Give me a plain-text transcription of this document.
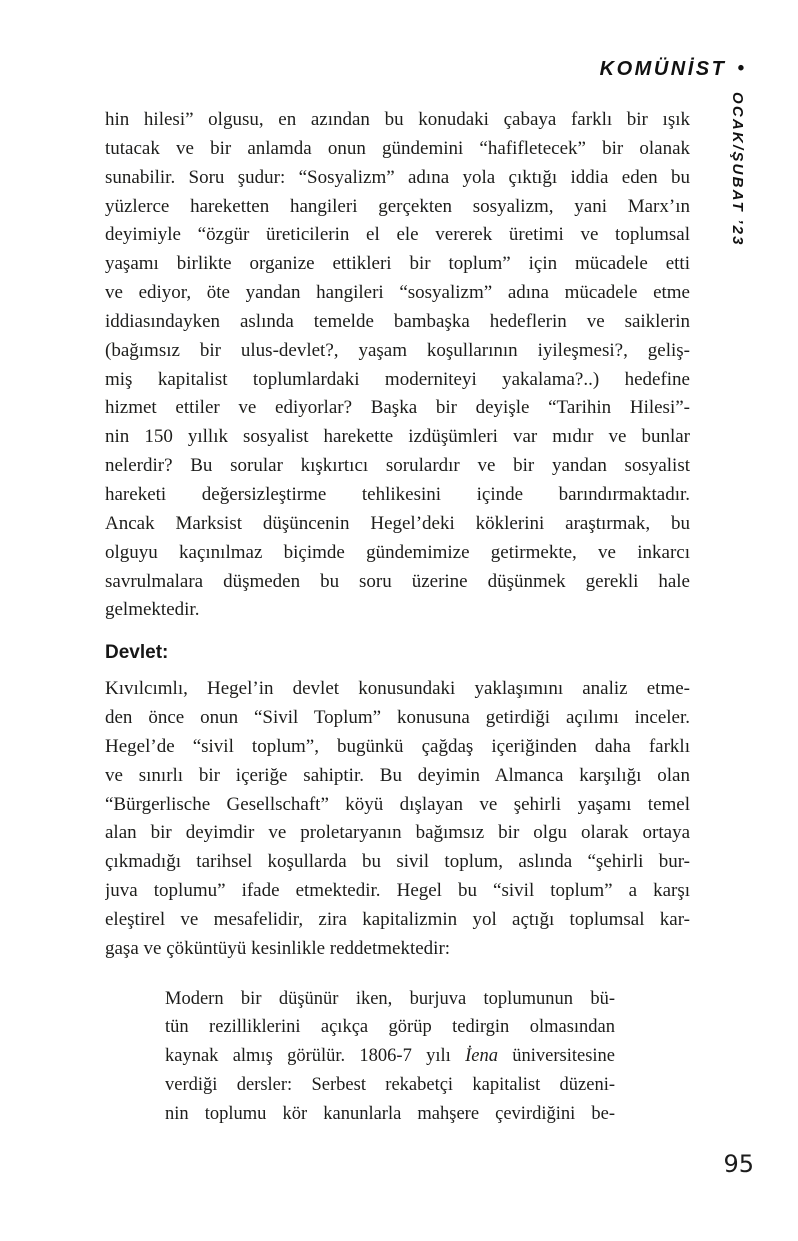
KOMÜNİST •
OCAK/ŞUBAT ’23
hin hilesi” olgusu, en azından bu konudaki çabaya farklı bir ışık
tutacak ve bir anlamda onun gündemini “hafifletecek” bir olanak
sunabilir. Soru şudur: “Sosyalizm” adına yola çıktığı iddia eden bu
yüzlerce hareketten hangileri gerçekten sosyalizm, yani Marx’ın
deyimiyle “özgür üreticilerin el ele vererek üretimi ve toplumsal
yaşamı birlikte organize ettikleri bir toplum” için mücadele etti
ve ediyor, öte yandan hangileri “sosyalizm” adına mücadele etme
iddiasındayken aslında temelde bambaşka hedeflerin ve saiklerin
(bağımsız bir ulus-devlet?, yaşam koşullarının iyileşmesi?, geliş-
miş kapitalist toplumlardaki moderniteyi yakalama?..) hedefine
hizmet ettiler ve ediyorlar? Başka bir deyişle “Tarihin Hilesi”-
nin 150 yıllık sosyalist harekette izdüşümleri var mıdır ve bunlar
nelerdir? Bu sorular kışkırtıcı sorulardır ve bir yandan sosyalist
hareketi değersizleştirme tehlikesini içinde barındırmaktadır.
Ancak Marksist düşüncenin Hegel’deki köklerini araştırmak, bu
olguyu kaçınılmaz biçimde gündemimize getirmekte, ve inkarcı
savrulmalara düşmeden bu soru üzerine düşünmek gerekli hale
gelmektedir.
Devlet:
Kıvılcımlı, Hegel’in devlet konusundaki yaklaşımını analiz etme-
den önce onun “Sivil Toplum” konusuna getirdiği açılımı inceler.
Hegel’de “sivil toplum”, bugünkü çağdaş içeriğinden daha farklı
ve sınırlı bir içeriğe sahiptir. Bu deyimin Almanca karşılığı olan
“Bürgerlische Gesellschaft” köyü dışlayan ve şehirli yaşamı temel
alan bir deyimdir ve proletaryanın bağımsız bir olgu olarak ortaya
çıkmadığı tarihsel koşullarda bu sivil toplum, aslında “şehirli bur-
juva toplumu” ifade etmektedir. Hegel bu “sivil toplum” a karşı
eleştirel ve mesafelidir, zira kapitalizmin yol açtığı toplumsal kar-
gaşa ve çöküntüyü kesinlikle reddetmektedir:
Modern bir düşünür iken, burjuva toplumunun bü-
tün rezilliklerini açıkça görüp tedirgin olmasından
kaynak almış görülür. 1806-7 yılı İena üniversitesine
verdiği dersler: Serbest rekabetçi kapitalist düzeni-
nin toplumu kör kanunlarla mahşere çevirdiğini be-
95
